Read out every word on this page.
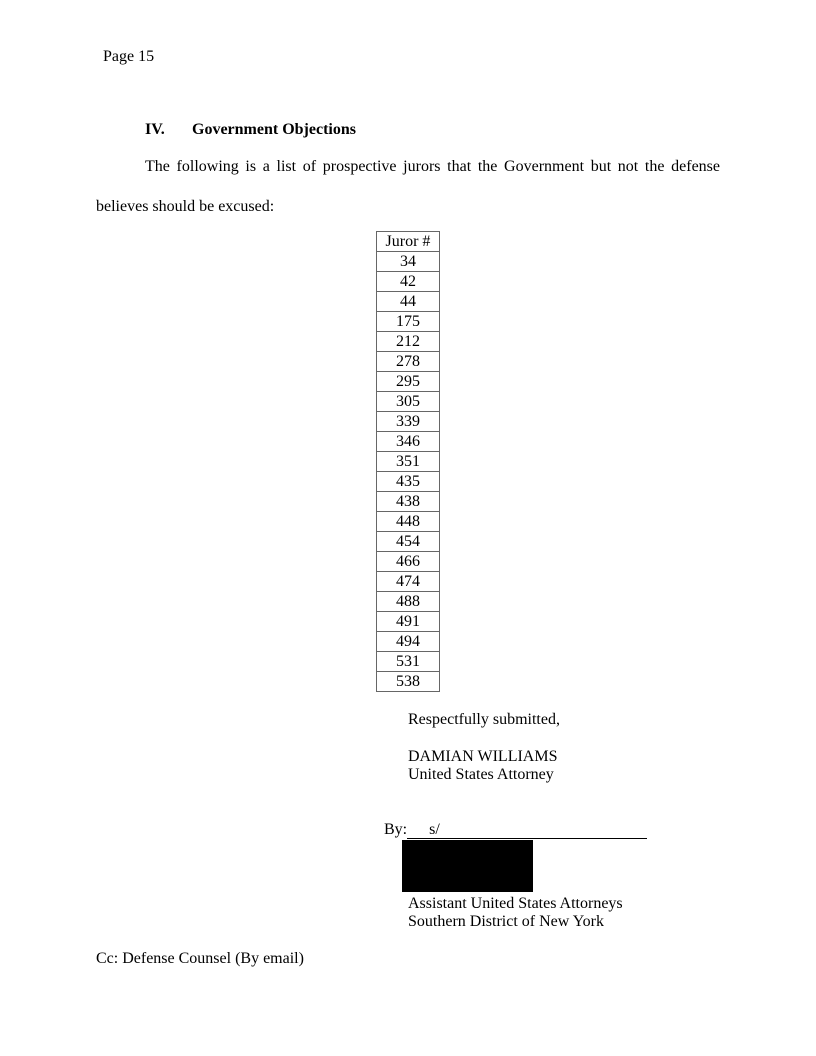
Page 15
IV. Government Objections
The following is a list of prospective jurors that the Government but not the defense
believes should be excused:
Juror #
34
42
44
175
212
278
295
305
339
346
351
435
438
448
454
466
474
488
491
494
531
538
Respectfully submitted,
DAMIAN WILLIAMS
United States Attorney
By: s/
Assistant United States Attorneys
Southern District of New York
Cc: Defense Counsel (By email)
